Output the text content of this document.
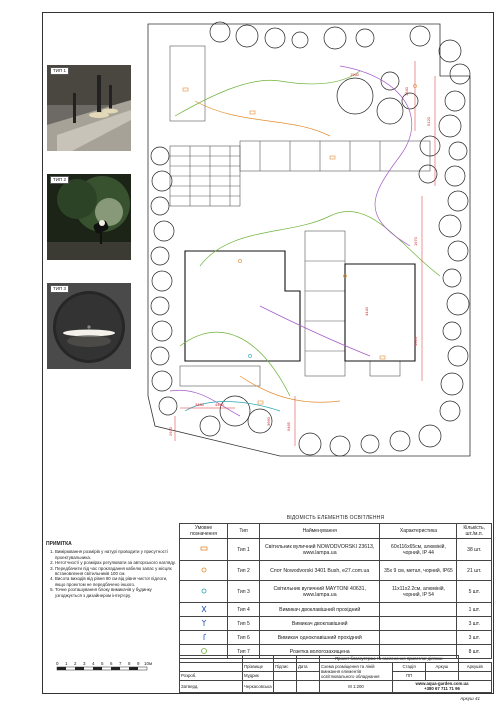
ТИП 1
ТИП 2
ТИП 3
1340
5120
1970
1920
9465
3480	4440
2930
3660
4440
1960
ПРИМІТКА
1. Вимірювання розмірів у натурі проводити у присутності проектувальника.
2. Нетотчності у розмірах регулювати за авторського нагляду.
3. Передбачити під час прокладання кабелю запас у місцях встановлення світильників 100 см.
4. Висота виходів від рівня 90 см від рівня чистої підлоги, якщо проектом не передбачено іншого.
5. Точне розташування блоку вимикачів у будинку узгоджується з дизайнером інтер'єру.
0 1 2 3 4 5 6 7 8 9 10м
ВІДОМІСТЬ ЕЛЕМЕНТІВ ОСВІТЛЕННЯ				
Умовне позначення	Тип	Найменування	Характеристика	Кількість, шт./м.п.
	Тип 1	Світильник вуличний NOWODVORSKI 23613, www.lampa.ua	60x116x65см, алюміній, чорний, IP 44	38 шт.
	Тип 2	Спот Nowodvorski 3401 Bush, e27.com.ua	35х 9 см, метал, чорний, IP65	21 шт.
	Тип 3	Світильник вуличний MAYTONI 40631, www.lampa.ua	11x11x2.2см, алюміній, чорний, IP 54	5 шт.
	Тип 4	Вимикач двоклавішний прохідний		1 шт.
	Тип 5	Вимикач двоклавішний		3 шт.
	Тип 6	Вимикач одноклавішний прохідний		3 шт.
	Тип 7	Розетка вологозахищена		8 шт.
				Проект благоустрою та озеленення прилеглої ділянки			
	Прізвище	Підпис	Дата	Схема розміщення та ліній вмикання елементів освітлювального обладнання	Стадія	Аркуш	Аркушів
Розроб.	Мудрик				ПП		
Затверд.	Черкасовська			М 1:200	www.aqua-garden.com.ua
+380 67 711 71 96		
Аркуш 41
